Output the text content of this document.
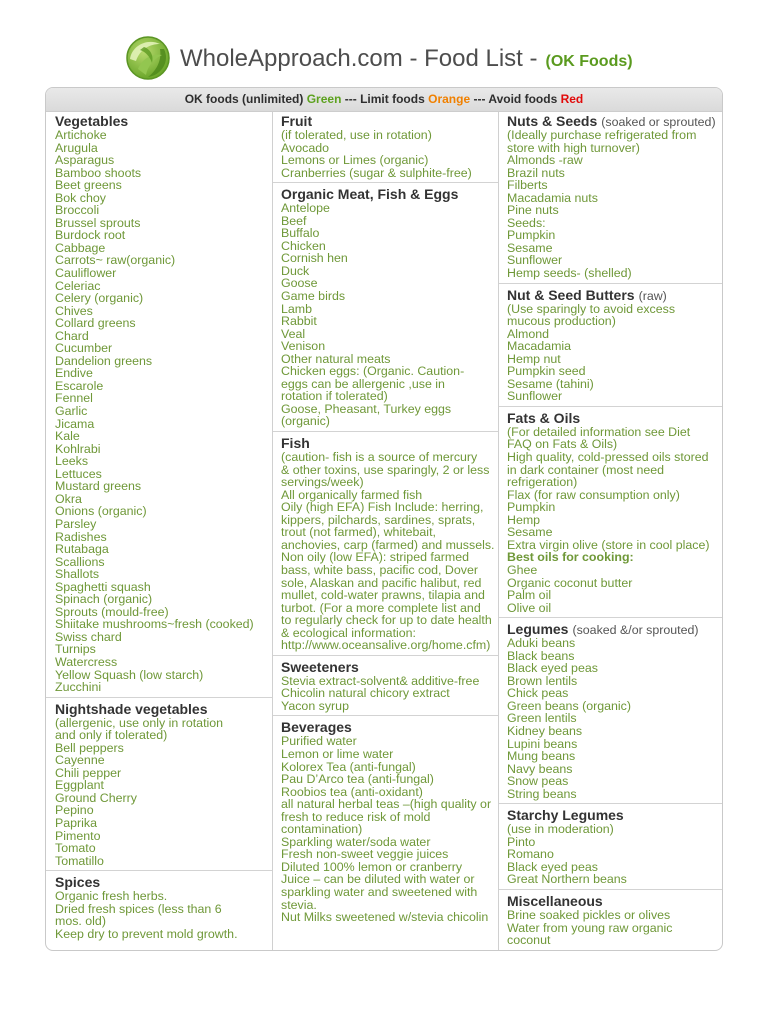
WholeApproach.com - Food List - (OK Foods)
OK foods (unlimited) Green --- Limit foods Orange --- Avoid foods Red
Vegetables
Artichoke
Arugula
Asparagus
Bamboo shoots
Beet greens
Bok choy
Broccoli
Brussel sprouts
Burdock root
Cabbage
Carrots~ raw(organic)
Cauliflower
Celeriac
Celery (organic)
Chives
Collard greens
Chard
Cucumber
Dandelion greens
Endive
Escarole
Fennel
Garlic
Jicama
Kale
Kohlrabi
Leeks
Lettuces
Mustard greens
Okra
Onions (organic)
Parsley
Radishes
Rutabaga
Scallions
Shallots
Spaghetti squash
Spinach (organic)
Sprouts (mould-free)
Shiitake mushrooms~fresh (cooked)
Swiss chard
Turnips
Watercress
Yellow Squash (low starch)
Zucchini
Nightshade vegetables
(allergenic, use only in rotation
and only if tolerated)
Bell peppers
Cayenne
Chili pepper
Eggplant
Ground Cherry
Pepino
Paprika
Pimento
Tomato
Tomatillo
Spices
Organic fresh herbs.
Dried fresh spices (less than 6
mos. old)
Keep dry to prevent mold growth.
Fruit
(if tolerated, use in rotation)
Avocado
Lemons or Limes (organic)
Cranberries (sugar & sulphite-free)
Organic Meat, Fish & Eggs
Antelope
Beef
Buffalo
Chicken
Cornish hen
Duck
Goose
Game birds
Lamb
Rabbit
Veal
Venison
Other natural meats
Chicken eggs: (Organic. Caution-
eggs can be allergenic ,use in
rotation if tolerated)
Goose, Pheasant, Turkey eggs
(organic)
Fish
(caution- fish is a source of mercury
& other toxins, use sparingly, 2 or less
servings/week)
All organically farmed fish
Oily (high EFA) Fish Include: herring,
kippers, pilchards, sardines, sprats,
trout (not farmed), whitebait,
anchovies, carp (farmed) and mussels.
Non oily (low EFA): striped farmed
bass, white bass, pacific cod, Dover
sole, Alaskan and pacific halibut, red
mullet, cold-water prawns, tilapia and
turbot. (For a more complete list and
to regularly check for up to date health
& ecological information:
http://www.oceansalive.org/home.cfm)
Sweeteners
Stevia extract-solvent& additive-free
Chicolin natural chicory extract
Yacon syrup
Beverages
Purified water
Lemon or lime water
Kolorex Tea (anti-fungal)
Pau D’Arco tea (anti-fungal)
Roobios tea (anti-oxidant)
all natural herbal teas –(high quality or
fresh to reduce risk of mold
contamination)
Sparkling water/soda water
Fresh non-sweet veggie juices
Diluted 100% lemon or cranberry
Juice – can be diluted with water or
sparkling water and sweetened with
stevia.
Nut Milks sweetened w/stevia chicolin
Nuts & Seeds (soaked or sprouted)
(Ideally purchase refrigerated from
store with high turnover)
Almonds -raw
Brazil nuts
Filberts
Macadamia nuts
Pine nuts
Seeds:
Pumpkin
Sesame
Sunflower
Hemp seeds- (shelled)
Nut & Seed Butters (raw)
(Use sparingly to avoid excess
mucous production)
Almond
Macadamia
Hemp nut
Pumpkin seed
Sesame (tahini)
Sunflower
Fats & Oils
(For detailed information see Diet
FAQ on Fats & Oils)
High quality, cold-pressed oils stored
in dark container (most need
refrigeration)
Flax (for raw consumption only)
Pumpkin
Hemp
Sesame
Extra virgin olive (store in cool place)
Best oils for cooking:
Ghee
Organic coconut butter
Palm oil
Olive oil
Legumes (soaked &/or sprouted)
Aduki beans
Black beans
Black eyed peas
Brown lentils
Chick peas
Green beans (organic)
Green lentils
Kidney beans
Lupini beans
Mung beans
Navy beans
Snow peas
String beans
Starchy Legumes
(use in moderation)
Pinto
Romano
Black eyed peas
Great Northern beans
Miscellaneous
Brine soaked pickles or olives
Water from young raw organic
coconut
